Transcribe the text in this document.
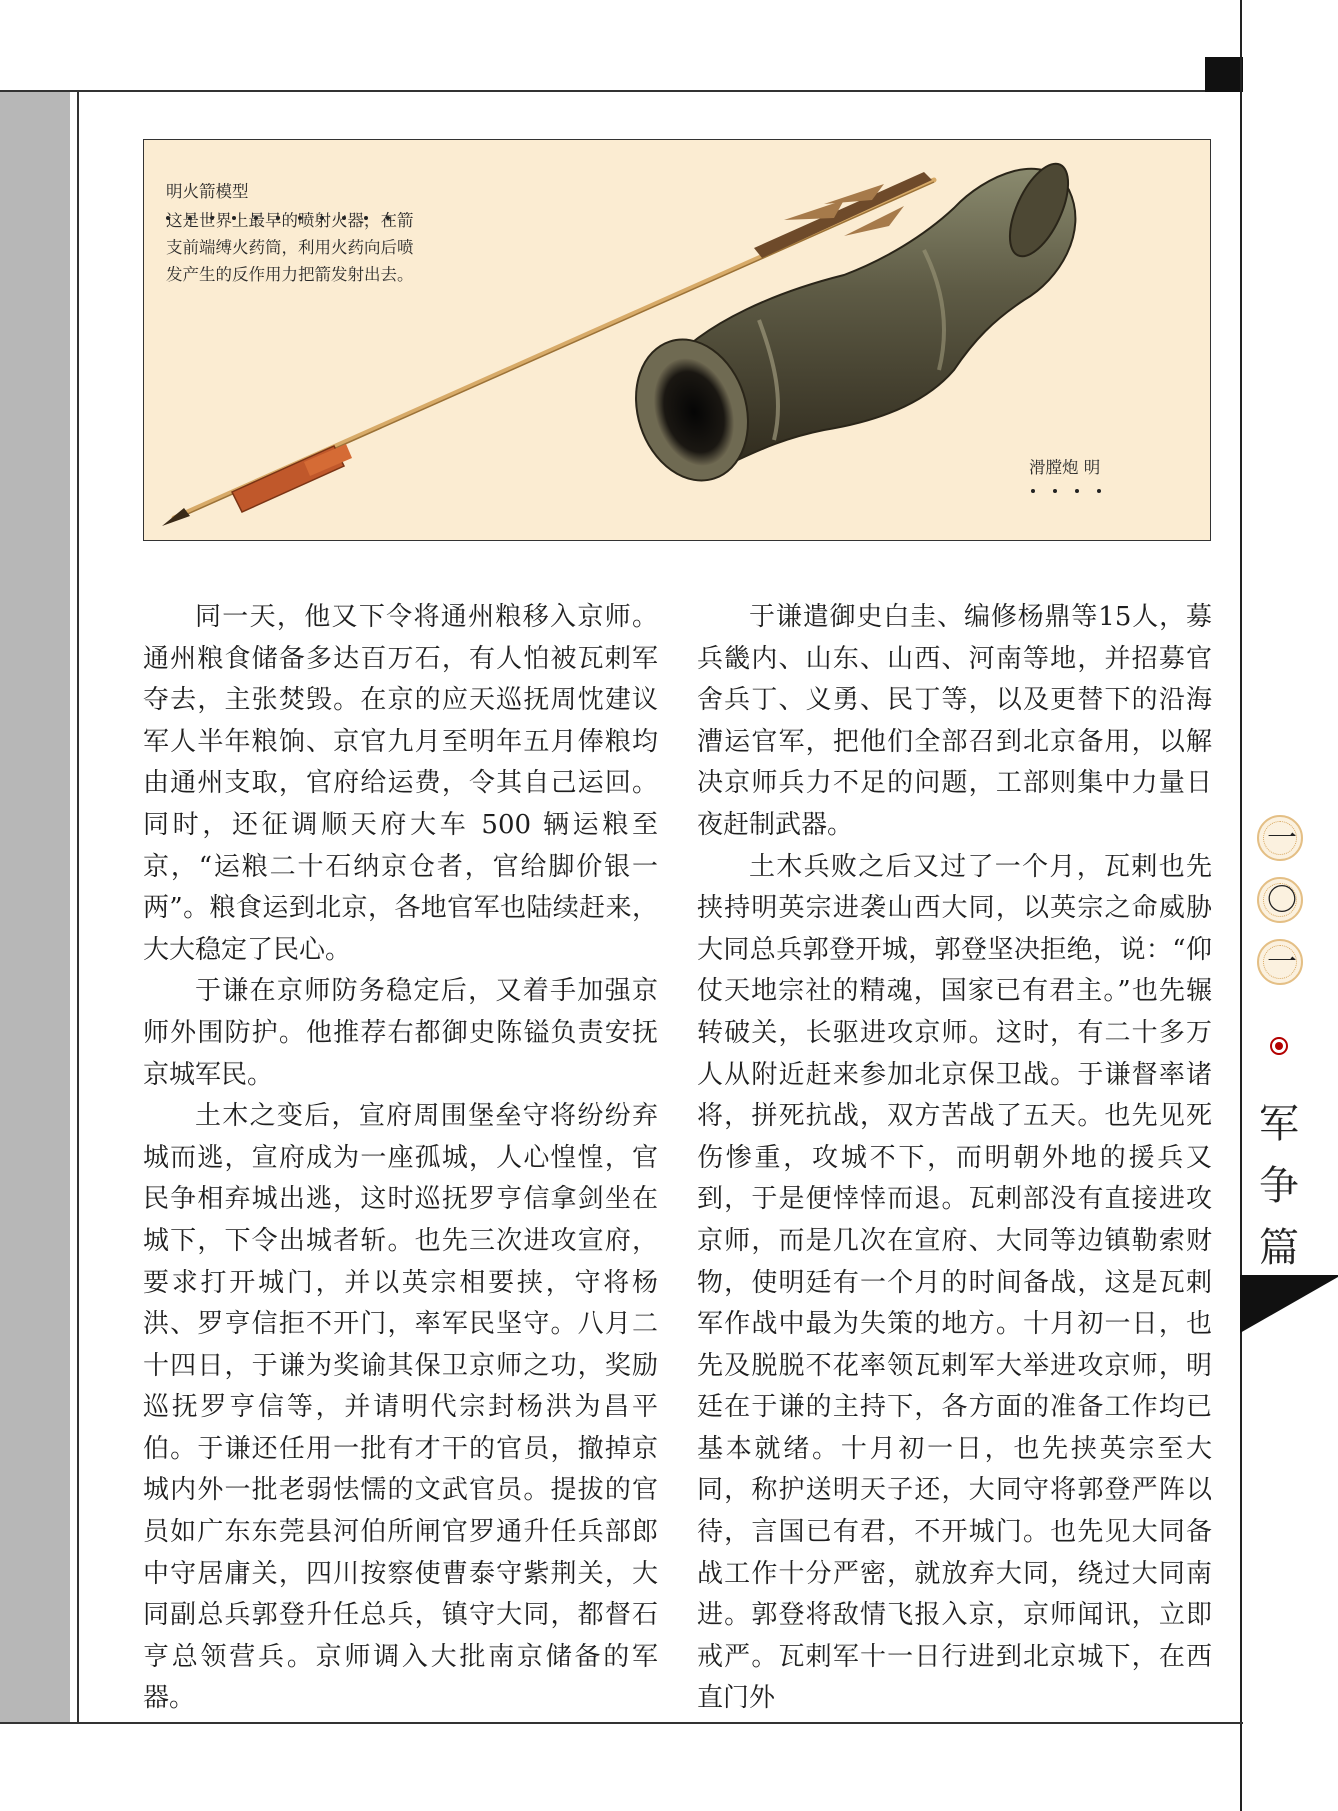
明火箭模型
这是世界上最早的喷射火器，在箭
支前端缚火药筒，利用火药向后喷
发产生的反作用力把箭发射出去。
滑膛炮 明

同一天，他又下令将通州粮移入京师。通州粮食储备多达百万石，有人怕被瓦剌军夺去，主张焚毁。在京的应天巡抚周忱建议军人半年粮饷、京官九月至明年五月俸粮均由通州支取，官府给运费，令其自己运回。同时，还征调顺天府大车 500 辆运粮至京，“运粮二十石纳京仓者，官给脚价银一两”。粮食运到北京，各地官军也陆续赶来，大大稳定了民心。

于谦在京师防务稳定后，又着手加强京师外围防护。他推荐右都御史陈镒负责安抚京城军民。

土木之变后，宣府周围堡垒守将纷纷弃城而逃，宣府成为一座孤城，人心惶惶，官民争相弃城出逃，这时巡抚罗亨信拿剑坐在城下，下令出城者斩。也先三次进攻宣府，要求打开城门，并以英宗相要挟，守将杨洪、罗亨信拒不开门，率军民坚守。八月二十四日，于谦为奖谕其保卫京师之功，奖励巡抚罗亨信等，并请明代宗封杨洪为昌平伯。于谦还任用一批有才干的官员，撤掉京城内外一批老弱怯懦的文武官员。提拔的官员如广东东莞县河伯所闸官罗通升任兵部郎中守居庸关，四川按察使曹泰守紫荆关，大同副总兵郭登升任总兵，镇守大同，都督石亨总领营兵。京师调入大批南京储备的军器。

于谦遣御史白圭、编修杨鼎等15人，募兵畿内、山东、山西、河南等地，并招募官舍兵丁、义勇、民丁等，以及更替下的沿海漕运官军，把他们全部召到北京备用，以解决京师兵力不足的问题，工部则集中力量日夜赶制武器。

土木兵败之后又过了一个月，瓦剌也先挟持明英宗进袭山西大同，以英宗之命威胁大同总兵郭登开城，郭登坚决拒绝，说：“仰仗天地宗社的精魂，国家已有君主。”也先辗转破关，长驱进攻京师。这时，有二十多万人从附近赶来参加北京保卫战。于谦督率诸将，拼死抗战，双方苦战了五天。也先见死伤惨重，攻城不下，而明朝外地的援兵又到，于是便悻悻而退。瓦剌部没有直接进攻京师，而是几次在宣府、大同等边镇勒索财物，使明廷有一个月的时间备战，这是瓦剌军作战中最为失策的地方。十月初一日，也先及脱脱不花率领瓦剌军大举进攻京师，明廷在于谦的主持下，各方面的准备工作均已基本就绪。十月初一日，也先挟英宗至大同，称护送明天子还，大同守将郭登严阵以待，言国已有君，不开城门。也先见大同备战工作十分严密，就放弃大同，绕过大同南进。郭登将敌情飞报入京，京师闻讯，立即戒严。瓦剌军十一日行进到北京城下，在西直门外

一
〇
一
军争篇
